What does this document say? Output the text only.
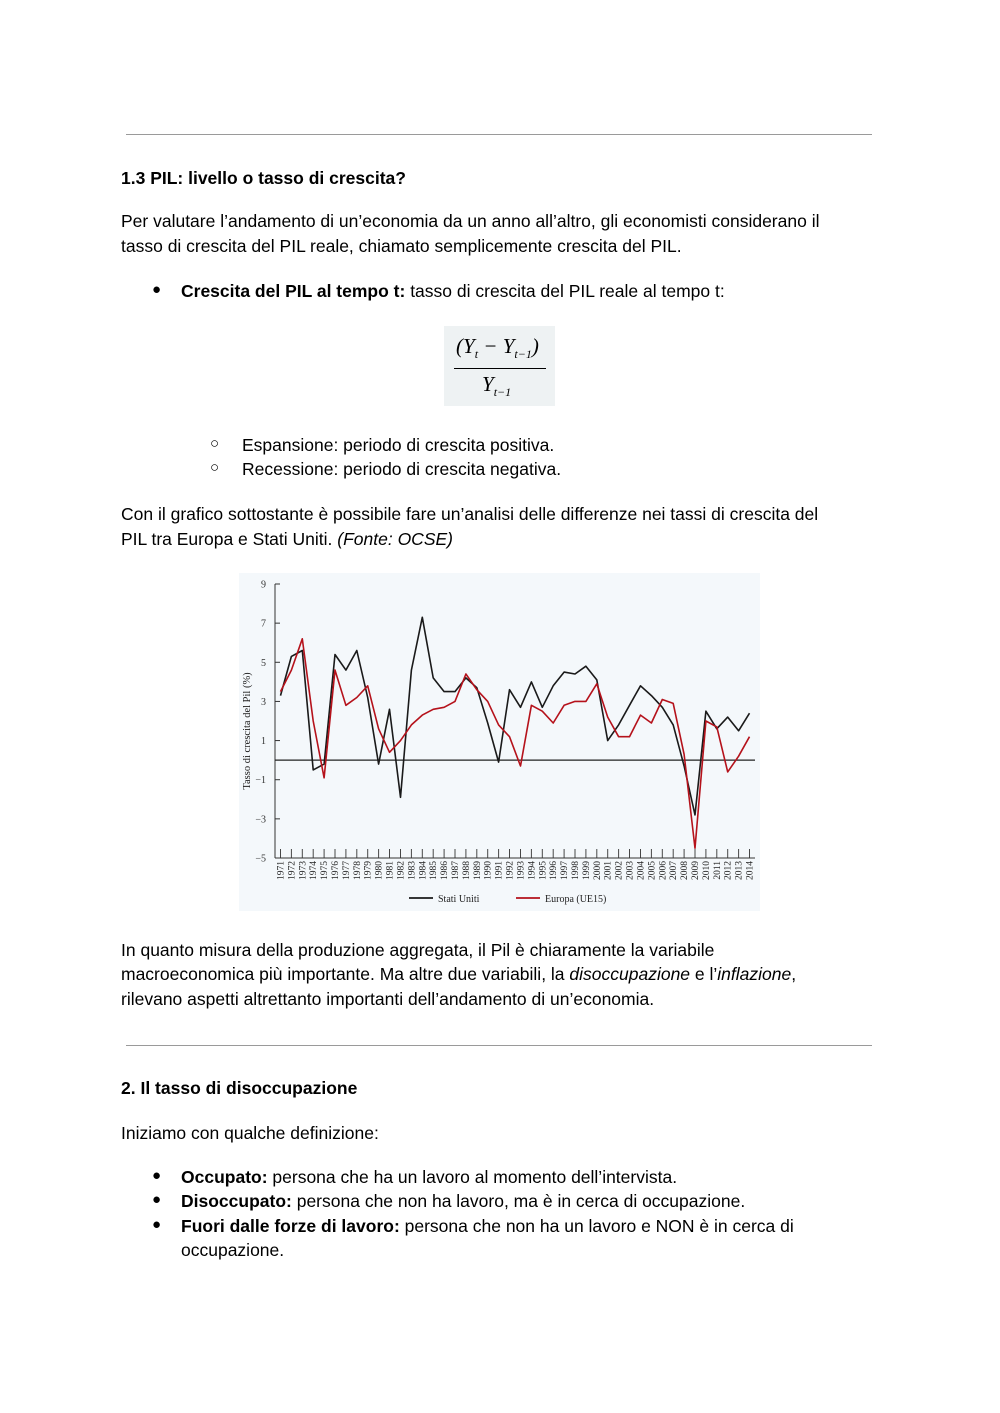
1.3 PIL: livello o tasso di crescita?

Per valutare l’andamento di un’economia da un anno all’altro, gli economisti considerano il

tasso di crescita del PIL reale, chiamato semplicemente crescita del PIL.

● Crescita del PIL al tempo t: tasso di crescita del PIL reale al tempo t:
$(Y_t - Y_{t-1})$
$Y_{t-1}$
○ Espansione: periodo di crescita positiva.
○ Recessione: periodo di crescita negativa.

Con il grafico sottostante è possibile fare un’analisi delle differenze nei tassi di crescita del

PIL tra Europa e Stati Uniti. (Fonte: OCSE)

9
7
5
3
1
−1
−3
−5
1971 1972 1973 1974 1975 1976 1977 1978 1979 1980 1981 1982 1983 1984 1985 1986 1987 1988 1989 1990 1991 1992 1993 1994 1995 1996 1997 1998 1999 2000 2001 2002 2003 2004 2005 2006 2007 2008 2009 2010 2011 2012 2013 2014
Tasso di crescita del Pil (%)
Stati Uniti	Europa (UE15)

In quanto misura della produzione aggregata, il Pil è chiaramente la variabile

macroeconomica più importante. Ma altre due variabili, la disoccupazione e l’inflazione,

rilevano aspetti altrettanto importanti dell’andamento di un’economia.

2. Il tasso di disoccupazione

Iniziamo con qualche definizione:

● Occupato: persona che ha un lavoro al momento dell’intervista.
● Disoccupato: persona che non ha lavoro, ma è in cerca di occupazione.
● Fuori dalle forze di lavoro: persona che non ha un lavoro e NON è in cerca di
occupazione.
